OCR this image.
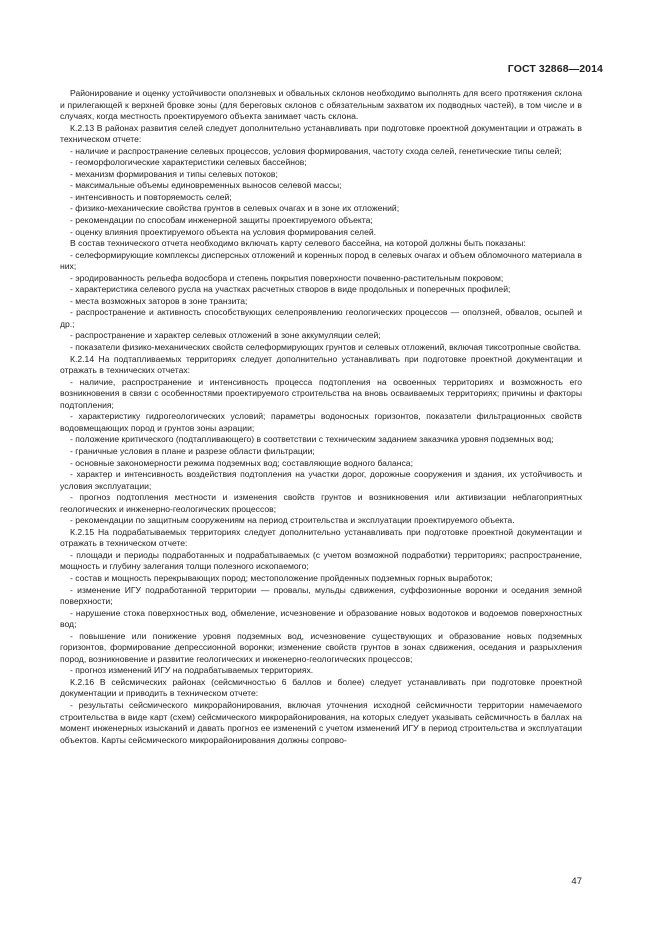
ГОСТ 32868—2014

Районирование и оценку устойчивости оползневых и обвальных склонов необходимо выполнять для всего протяжения склона и прилегающей к верхней бровке зоны (для береговых склонов с обязательным захватом их подводных частей), в том числе и в случаях, когда местность проектируемого объекта занимает часть склона.

К.2.13 В районах развития селей следует дополнительно устанавливать при подготовке проектной документации и отражать в техническом отчете:

- наличие и распространение селевых процессов, условия формирования, частоту схода селей, генетические типы селей;

- геоморфологические характеристики селевых бассейнов;

- механизм формирования и типы селевых потоков;

- максимальные объемы единовременных выносов селевой массы;

- интенсивность и повторяемость селей;

- физико-механические свойства грунтов в селевых очагах и в зоне их отложений;

- рекомендации по способам инженерной защиты проектируемого объекта;

- оценку влияния проектируемого объекта на условия формирования селей.

В состав технического отчета необходимо включать карту селевого бассейна, на которой должны быть показаны:

- селеформирующие комплексы дисперсных отложений и коренных пород в селевых очагах и объем обломочного материала в них;

- эродированность рельефа водосбора и степень покрытия поверхности почвенно-растительным покровом;

- характеристика селевого русла на участках расчетных створов в виде продольных и поперечных профилей;

- места возможных заторов в зоне транзита;

- распространение и активность способствующих селепроявлению геологических процессов — оползней, обвалов, осыпей и др.;

- распространение и характер селевых отложений в зоне аккумуляции селей;

- показатели физико-механических свойств селеформирующих грунтов и селевых отложений, включая тиксотропные свойства.

К.2.14 На подтапливаемых территориях следует дополнительно устанавливать при подготовке проектной документации и отражать в технических отчетах:

- наличие, распространение и интенсивность процесса подтопления на освоенных территориях и возможность его возникновения в связи с особенностями проектируемого строительства на вновь осваиваемых территориях; причины и факторы подтопления;

- характеристику гидрогеологических условий; параметры водоносных горизонтов, показатели фильтрационных свойств водовмещающих пород и грунтов зоны аэрации;

- положение критического (подтапливающего) в соответствии с техническим заданием заказчика уровня подземных вод;

- граничные условия в плане и разрезе области фильтрации;

- основные закономерности режима подземных вод; составляющие водного баланса;

- характер и интенсивность воздействия подтопления на участки дорог, дорожные сооружения и здания, их устойчивость и условия эксплуатации;

- прогноз подтопления местности и изменения свойств грунтов и возникновения или активизации неблагоприятных геологических и инженерно-геологических процессов;

- рекомендации по защитным сооружениям на период строительства и эксплуатации проектируемого объекта.

К.2.15 На подрабатываемых территориях следует дополнительно устанавливать при подготовке проектной документации и отражать в техническом отчете:

- площади и периоды подработанных и подрабатываемых (с учетом возможной подработки) территориях; распространение, мощность и глубину залегания толщи полезного ископаемого;

- состав и мощность перекрывающих пород; местоположение пройденных подземных горных выработок;

- изменение ИГУ подработанной территории — провалы, мульды сдвижения, суффозионные воронки и оседания земной поверхности;

- нарушение стока поверхностных вод, обмеление, исчезновение и образование новых водотоков и водоемов поверхностных вод;

- повышение или понижение уровня подземных вод, исчезновение существующих и образование новых подземных горизонтов, формирование депрессионной воронки; изменение свойств грунтов в зонах сдвижения, оседания и разрыхления пород, возникновение и развитие геологических и инженерно-геологических процессов;

- прогноз изменений ИГУ на подрабатываемых территориях.

К.2.16 В сейсмических районах (сейсмичностью 6 баллов и более) следует устанавливать при подготовке проектной документации и приводить в техническом отчете:

- результаты сейсмического микрорайонирования, включая уточнения исходной сейсмичности территории намечаемого строительства в виде карт (схем) сейсмического микрорайонирования, на которых следует указывать сейсмичность в баллах на момент инженерных изысканий и давать прогноз ее изменений с учетом изменений ИГУ в период строительства и эксплуатации объектов. Карты сейсмического микрорайонирования должны сопрово-

47
